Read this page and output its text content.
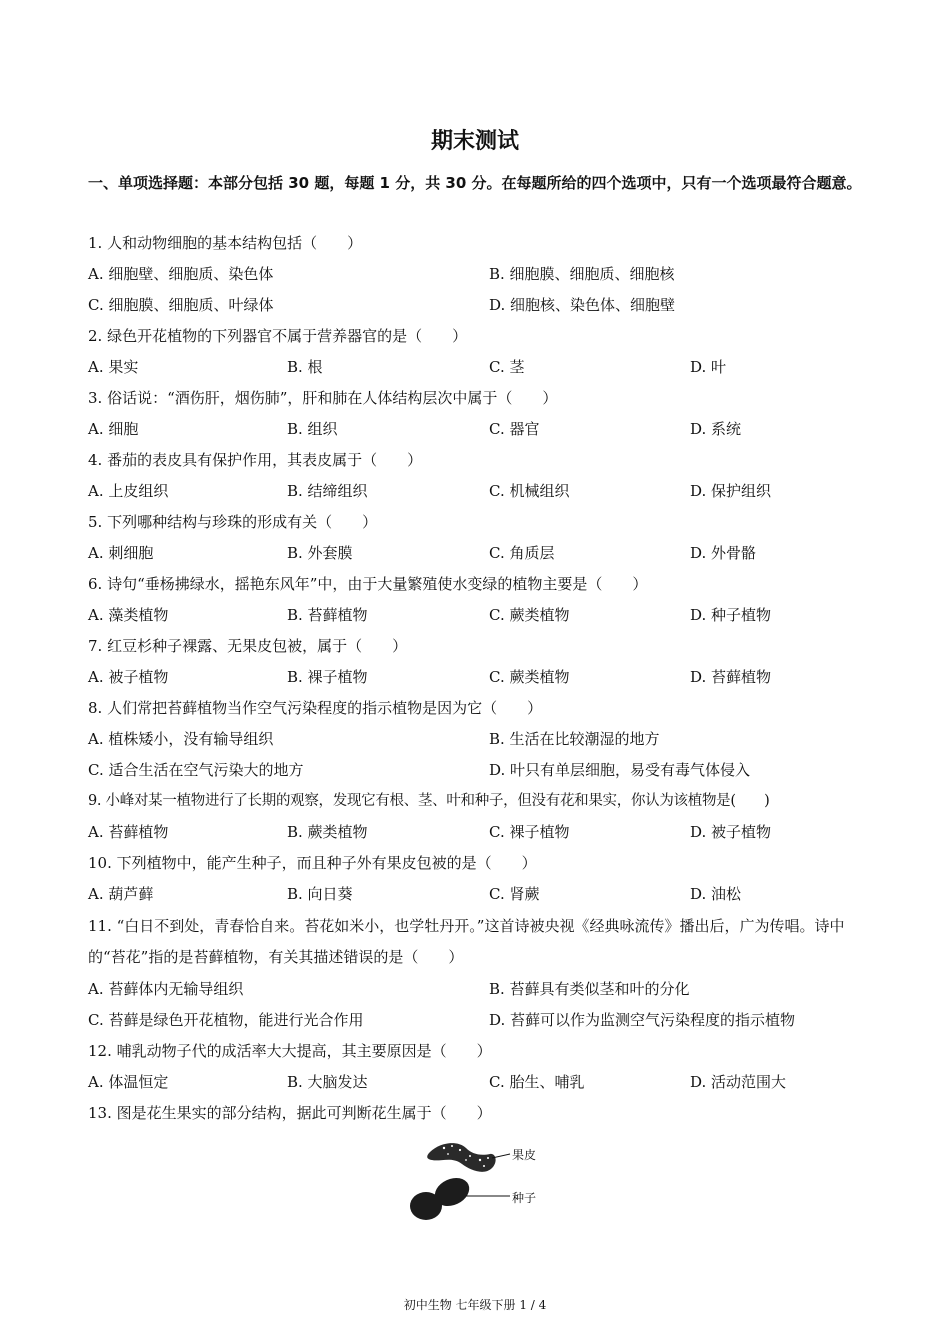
期末测试
一、单项选择题：本部分包括 30 题，每题 1 分，共 30 分。在每题所给的四个选项中，只有一个选项最符合题意。
1. 人和动物细胞的基本结构包括（　　）
A. 细胞壁、细胞质、染色体	B. 细胞膜、细胞质、细胞核
C. 细胞膜、细胞质、叶绿体	D. 细胞核、染色体、细胞壁
2. 绿色开花植物的下列器官不属于营养器官的是（　　）
A. 果实	B. 根	C. 茎	D. 叶
3. 俗话说：“酒伤肝，烟伤肺”，肝和肺在人体结构层次中属于（　　）
A. 细胞	B. 组织	C. 器官	D. 系统
4. 番茄的表皮具有保护作用，其表皮属于（　　）
A. 上皮组织	B. 结缔组织	C. 机械组织	D. 保护组织
5. 下列哪种结构与珍珠的形成有关（　　）
A. 刺细胞	B. 外套膜	C. 角质层	D. 外骨骼
6. 诗句“垂杨拂绿水，摇艳东风年”中，由于大量繁殖使水变绿的植物主要是（　　）
A. 藻类植物	B. 苔藓植物	C. 蕨类植物	D. 种子植物
7. 红豆杉种子裸露、无果皮包被，属于（　　）
A. 被子植物	B. 裸子植物	C. 蕨类植物	D. 苔藓植物
8. 人们常把苔藓植物当作空气污染程度的指示植物是因为它（　　）
A. 植株矮小，没有输导组织	B. 生活在比较潮湿的地方
C. 适合生活在空气污染大的地方	D. 叶只有单层细胞，易受有毒气体侵入
9. 小峰对某一植物进行了长期的观察，发现它有根、茎、叶和种子，但没有花和果实，你认为该植物是(　　)
A. 苔藓植物	B. 蕨类植物	C. 裸子植物	D. 被子植物
10. 下列植物中，能产生种子，而且种子外有果皮包被的是（　　）
A. 葫芦藓	B. 向日葵	C. 肾蕨	D. 油松
11. “白日不到处，青春恰自来。苔花如米小，也学牡丹开。”这首诗被央视《经典咏流传》播出后，广为传唱。诗中的“苔花”指的是苔藓植物，有关其描述错误的是（　　）
A. 苔藓体内无输导组织	B. 苔藓具有类似茎和叶的分化
C. 苔藓是绿色开花植物，能进行光合作用	D. 苔藓可以作为监测空气污染程度的指示植物
12. 哺乳动物子代的成活率大大提高，其主要原因是（　　）
A. 体温恒定	B. 大脑发达	C. 胎生、哺乳	D. 活动范围大
13. 图是花生果实的部分结构，据此可判断花生属于（　　）
果皮
种子
初中生物 七年级下册 1 / 4
